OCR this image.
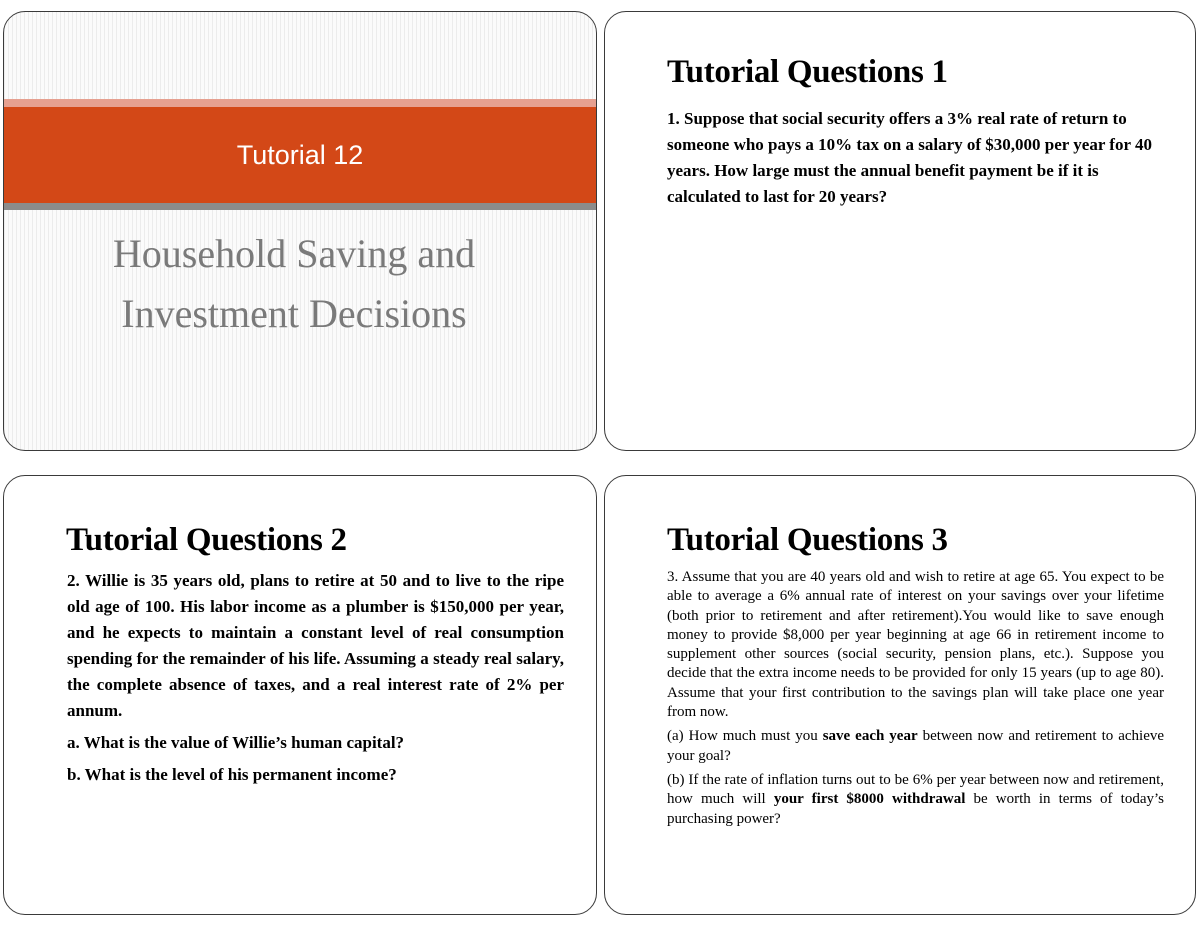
Tutorial 12
Household Saving and
Investment Decisions
Tutorial Questions 1
1. Suppose that social security offers a 3% real rate of return to someone who pays a 10% tax on a salary of $30,000 per year for 40 years. How large must the annual benefit payment be if it is calculated to last for 20 years?
Tutorial Questions 2

2. Willie is 35 years old, plans to retire at 50 and to live to the ripe old age of 100. His labor income as a plumber is $150,000 per year, and he expects to maintain a constant level of real consumption spending for the remainder of his life. Assuming a steady real salary, the complete absence of taxes, and a real interest rate of 2% per annum.

a. What is the value of Willie’s human capital?

b. What is the level of his permanent income?

Tutorial Questions 3

3. Assume that you are 40 years old and wish to retire at age 65. You expect to be able to average a 6% annual rate of interest on your savings over your lifetime (both prior to retirement and after retirement).You would like to save enough money to provide $8,000 per year beginning at age 66 in retirement income to supplement other sources (social security, pension plans, etc.). Suppose you decide that the extra income needs to be provided for only 15 years (up to age 80). Assume that your first contribution to the savings plan will take place one year from now.

(a) How much must you save each year between now and retirement to achieve your goal?

(b) If the rate of inflation turns out to be 6% per year between now and retirement, how much will your first $8000 withdrawal be worth in terms of today’s purchasing power?
